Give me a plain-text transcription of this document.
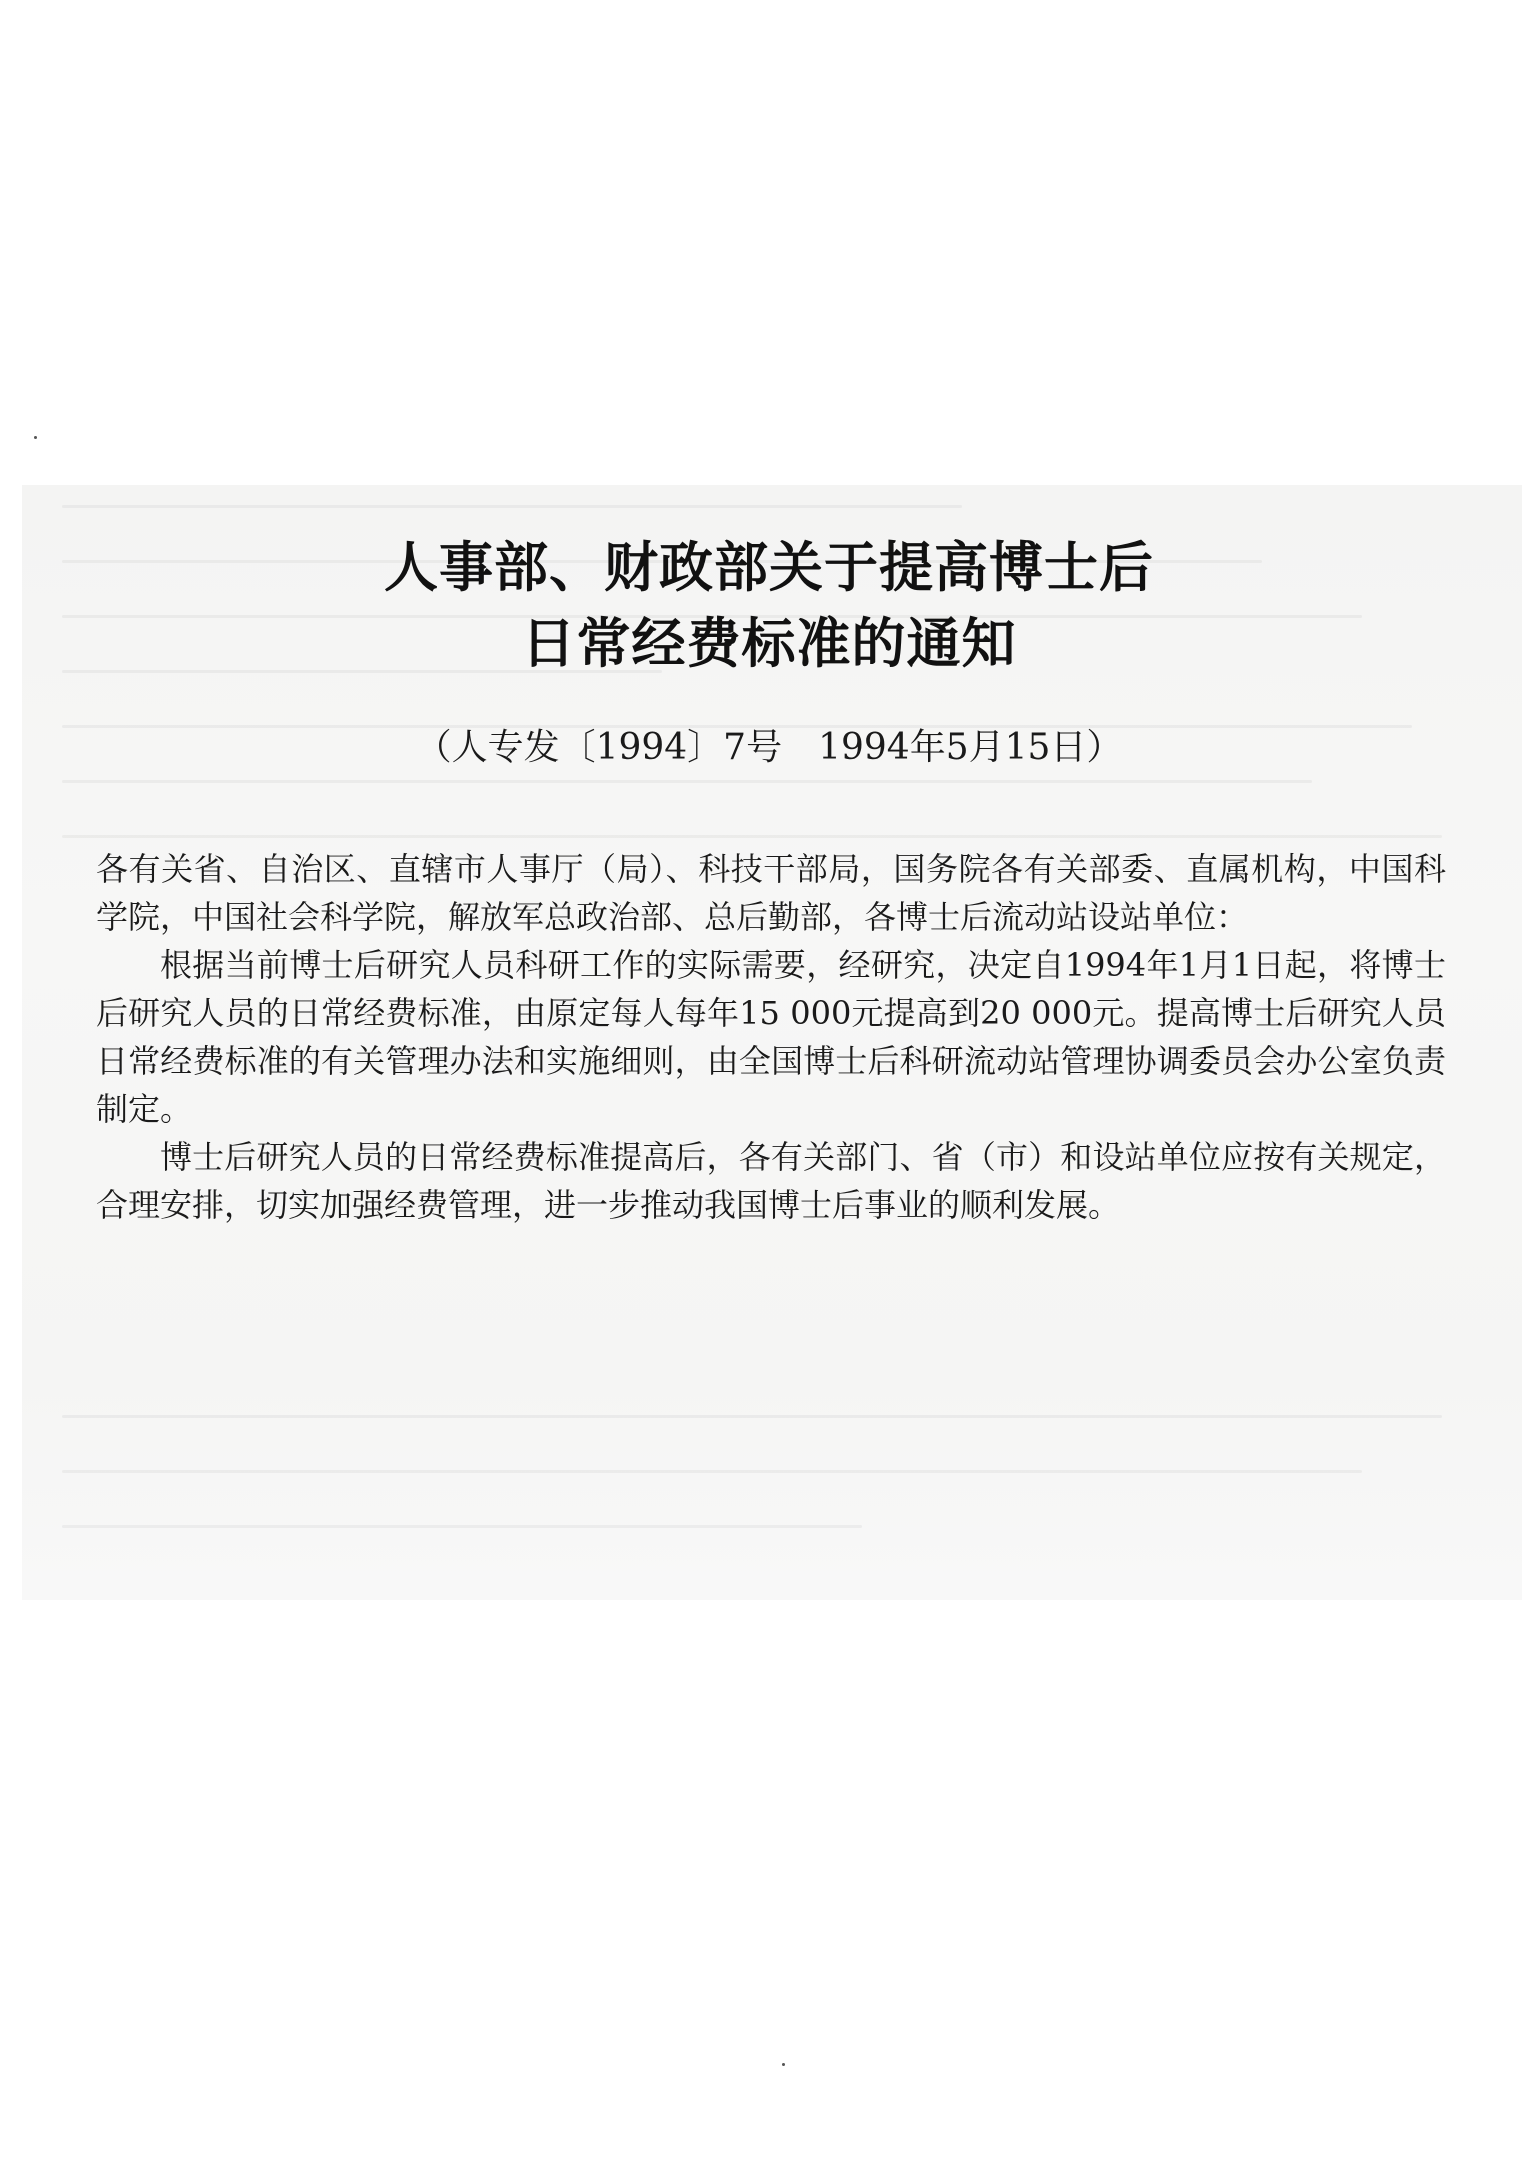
人事部、财政部关于提高博士后
日常经费标准的通知
（人专发〔1994〕7号　1994年5月15日）

各有关省、自治区、直辖市人事厅（局）、科技干部局，国务院各有关部委、直属机构，中国科学院，中国社会科学院，解放军总政治部、总后勤部，各博士后流动站设站单位：

根据当前博士后研究人员科研工作的实际需要，经研究，决定自1994年1月1日起，将博士后研究人员的日常经费标准，由原定每人每年15 000元提高到20 000元。提高博士后研究人员日常经费标准的有关管理办法和实施细则，由全国博士后科研流动站管理协调委员会办公室负责制定。

博士后研究人员的日常经费标准提高后，各有关部门、省（市）和设站单位应按有关规定，合理安排，切实加强经费管理，进一步推动我国博士后事业的顺利发展。
